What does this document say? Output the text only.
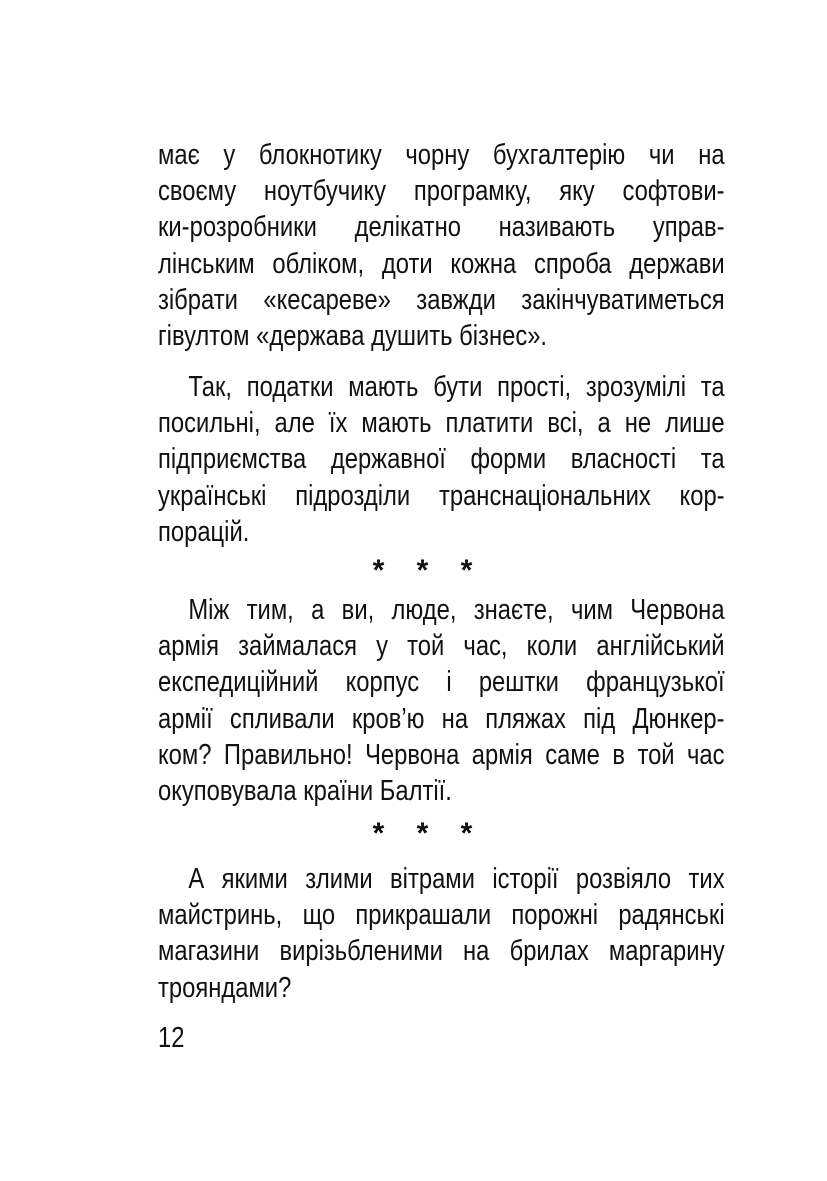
має у блокнотику чорну бухгалтерію чи на
своєму ноутбучику програмку, яку софтови-
ки-розробники делікатно називають управ-
лінським обліком, доти кожна спроба держави
зібрати «кесареве» завжди закінчуватиметься
гівултом «держава душить бізнес».
Так, податки мають бути прості, зрозумілі та
посильні, але їх мають платити всі, а не лише
підприємства державної форми власності та
українські підрозділи транснаціональних кор-
порацій.
* * *
Між тим, а ви, люде, знаєте, чим Червона
армія займалася у той час, коли англійський
експедиційний корпус і рештки французької
армії спливали кров’ю на пляжах під Дюнкер-
ком? Правильно! Червона армія саме в той час
окуповувала країни Балтії.
* * *
А якими злими вітрами історії розвіяло тих
майстринь, що прикрашали порожні радянські
магазини вирізьбленими на брилах маргарину
трояндами?
12
